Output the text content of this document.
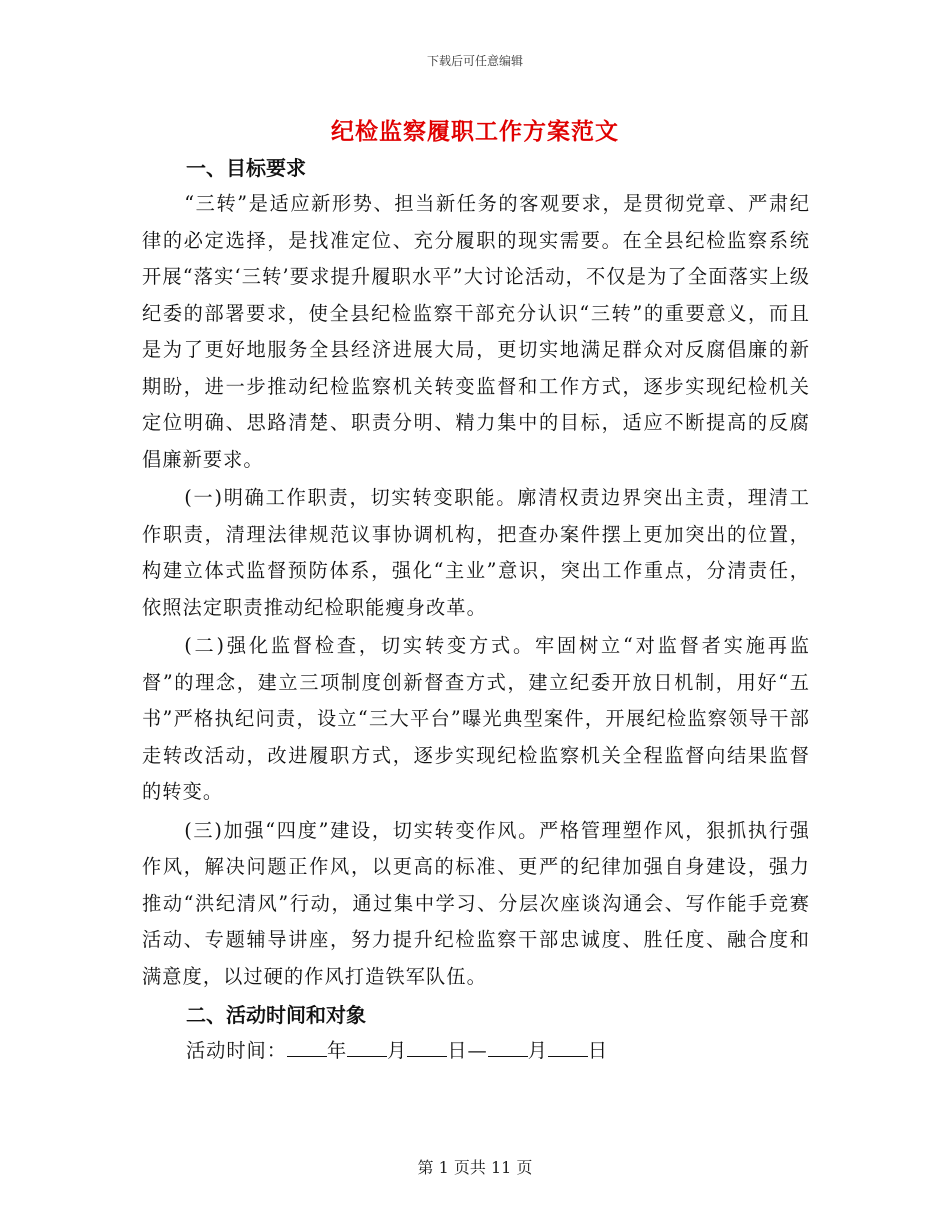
下载后可任意编辑
纪检监察履职工作方案范文
一、目标要求

“三转”是适应新形势、担当新任务的客观要求，是贯彻党章、严肃纪律的必定选择，是找准定位、充分履职的现实需要。在全县纪检监察系统开展“落实‘三转’要求提升履职水平”大讨论活动，不仅是为了全面落实上级纪委的部署要求，使全县纪检监察干部充分认识“三转”的重要意义，而且是为了更好地服务全县经济进展大局，更切实地满足群众对反腐倡廉的新期盼，进一步推动纪检监察机关转变监督和工作方式，逐步实现纪检机关定位明确、思路清楚、职责分明、精力集中的目标，适应不断提高的反腐倡廉新要求。

(一)明确工作职责，切实转变职能。廓清权责边界突出主责，理清工作职责，清理法律规范议事协调机构，把查办案件摆上更加突出的位置，构建立体式监督预防体系，强化“主业”意识，突出工作重点，分清责任，依照法定职责推动纪检职能瘦身改革。

(二)强化监督检查，切实转变方式。牢固树立“对监督者实施再监督”的理念，建立三项制度创新督查方式，建立纪委开放日机制，用好“五书”严格执纪问责，设立“三大平台”曝光典型案件，开展纪检监察领导干部走转改活动，改进履职方式，逐步实现纪检监察机关全程监督向结果监督的转变。

(三)加强“四度”建设，切实转变作风。严格管理塑作风，狠抓执行强作风，解决问题正作风，以更高的标准、更严的纪律加强自身建设，强力推动“洪纪清风”行动，通过集中学习、分层次座谈沟通会、写作能手竞赛活动、专题辅导讲座，努力提升纪检监察干部忠诚度、胜任度、融合度和满意度，以过硬的作风打造铁军队伍。

二、活动时间和对象
活动时间： 年 月 日— 月 日
第 1 页共 11 页
